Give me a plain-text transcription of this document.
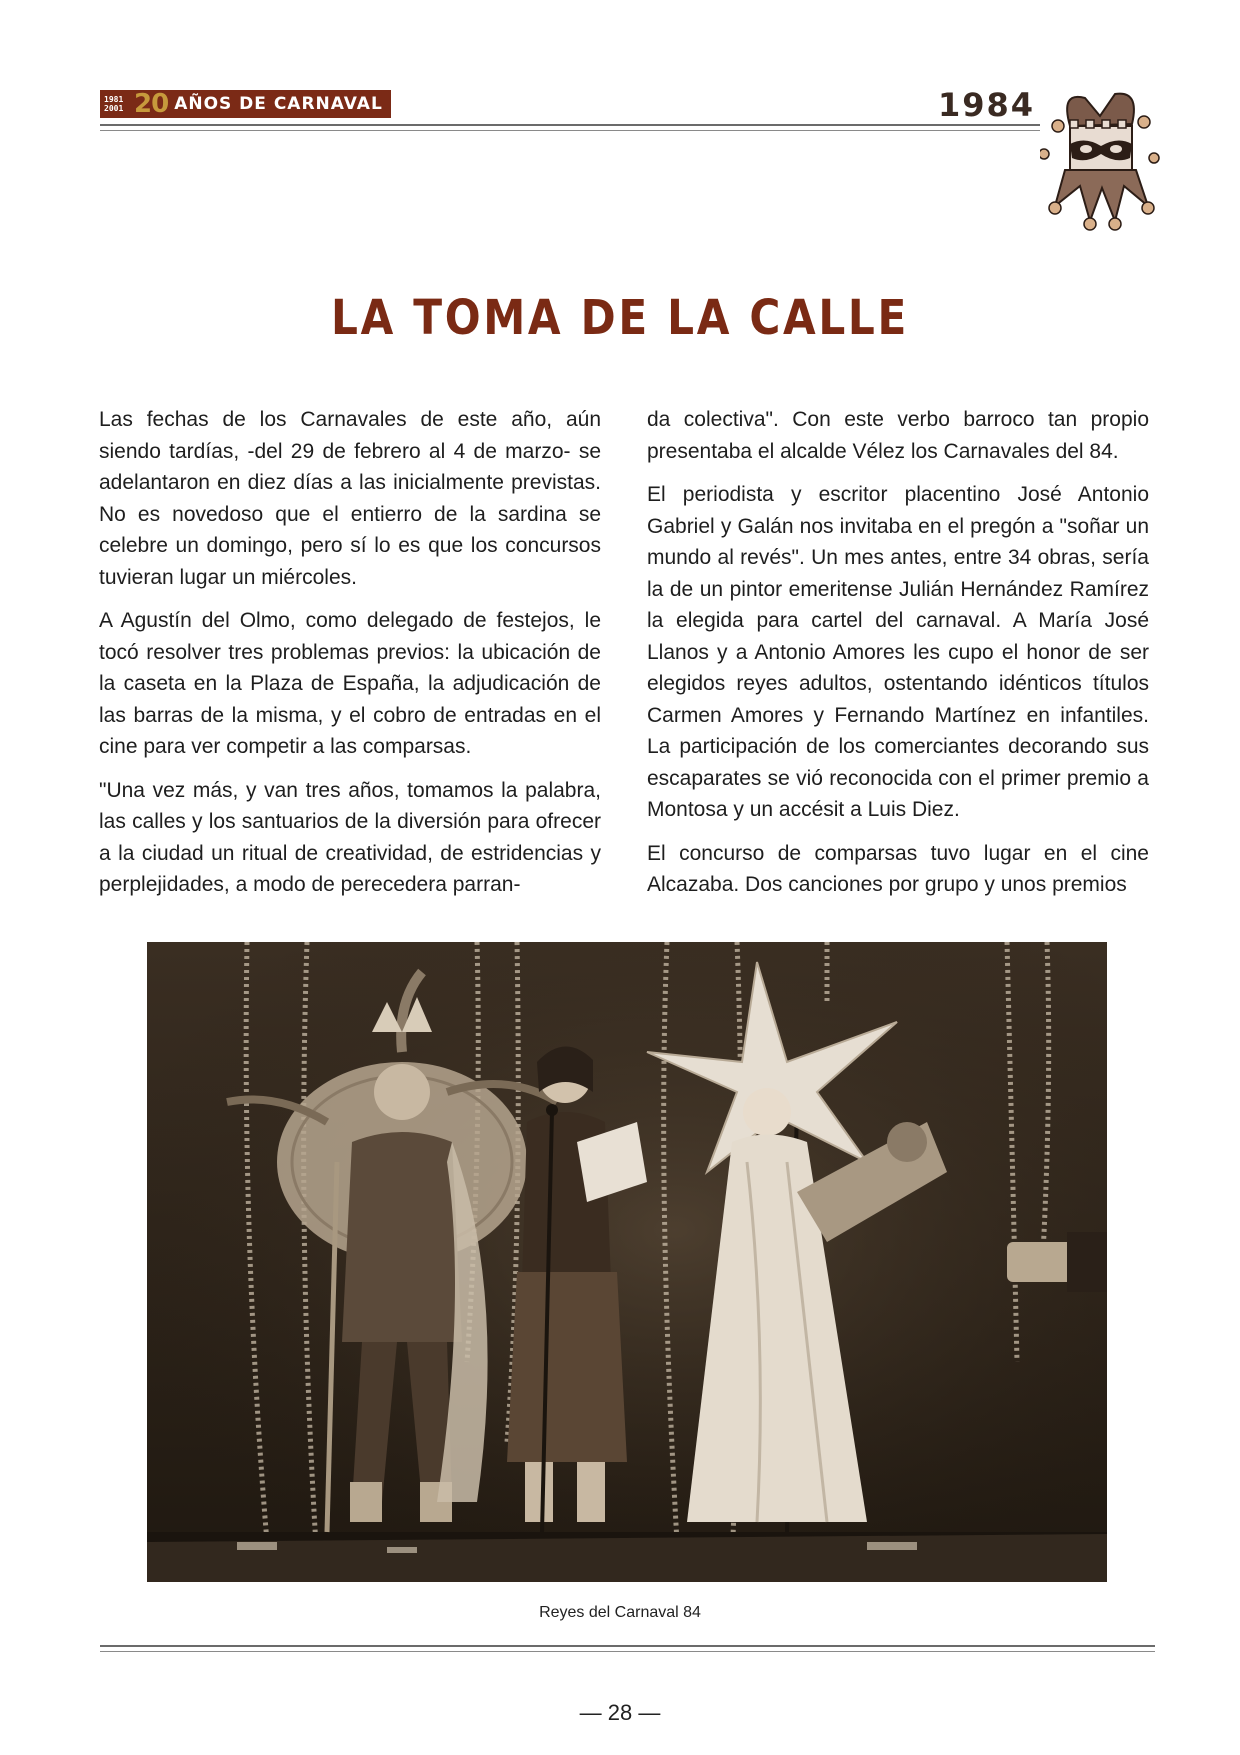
1981
2001 20 AÑOS DE CARNAVAL	1984
LA TOMA DE LA CALLE

Las fechas de los Carnavales de este año, aún siendo tardías, -del 29 de febrero al 4 de marzo- se adelantaron en diez días a las inicialmente previstas. No es novedoso que el entierro de la sardina se celebre un domingo, pero sí lo es que los concursos tuvieran lugar un miércoles.

A Agustín del Olmo, como delegado de festejos, le tocó resolver tres problemas previos: la ubicación de la caseta en la Plaza de España, la adjudicación de las barras de la misma, y el cobro de entradas en el cine para ver competir a las comparsas.

"Una vez más, y van tres años, tomamos la palabra, las calles y los santuarios de la diversión para ofrecer a la ciudad un ritual de creatividad, de estridencias y perplejidades, a modo de perecedera parran-

da colectiva". Con este verbo barroco tan propio presentaba el alcalde Vélez los Carnavales del 84.

El periodista y escritor placentino José Antonio Gabriel y Galán nos invitaba en el pregón a "soñar un mundo al revés". Un mes antes, entre 34 obras, sería la de un pintor emeritense Julián Hernández Ramírez la elegida para cartel del carnaval. A María José Llanos y a Antonio Amores les cupo el honor de ser elegidos reyes adultos, ostentando idénticos títulos Carmen Amores y Fernando Martínez en infantiles. La participación de los comerciantes decorando sus escaparates se vió reconocida con el primer premio a Montosa y un accésit a Luis Diez.

El concurso de comparsas tuvo lugar en el cine Alcazaba. Dos canciones por grupo y unos premios

Reyes del Carnaval 84
— 28 —
